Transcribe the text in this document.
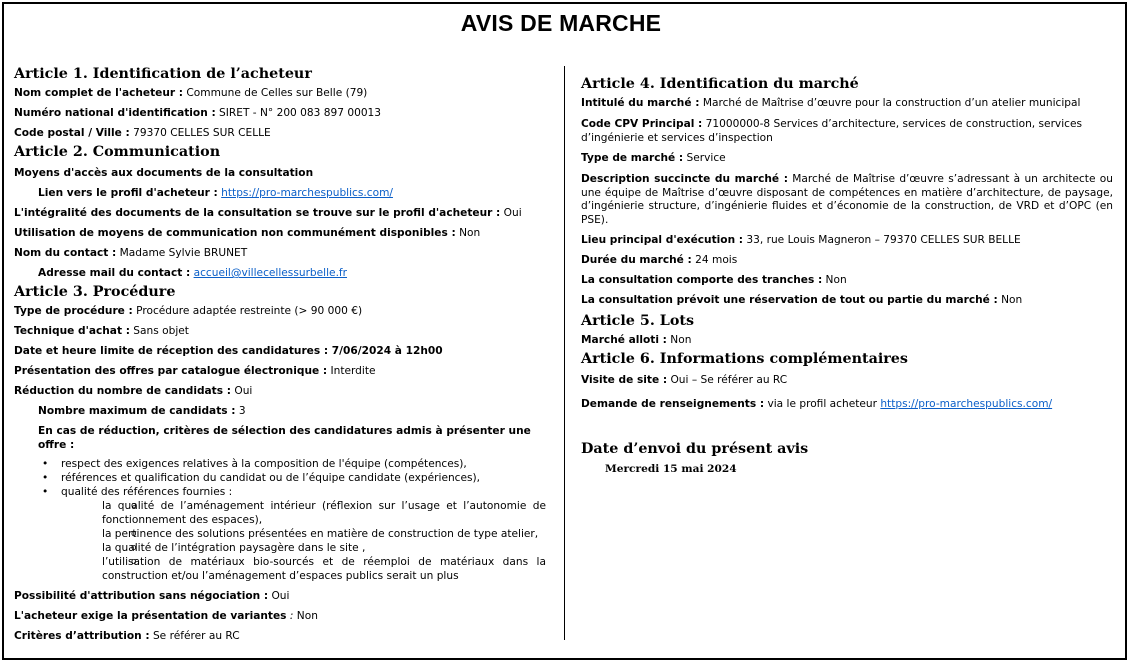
AVIS DE MARCHE
Article 1. Identification de l’acheteur
Nom complet de l'acheteur : Commune de Celles sur Belle (79)
Numéro national d'identification : SIRET - N° 200 083 897 00013
Code postal / Ville : 79370 CELLES SUR CELLE
Article 2. Communication
Moyens d'accès aux documents de la consultation
Lien vers le profil d'acheteur : https://pro-marchespublics.com/
L'intégralité des documents de la consultation se trouve sur le profil d'acheteur : Oui
Utilisation de moyens de communication non communément disponibles : Non
Nom du contact : Madame Sylvie BRUNET
Adresse mail du contact : accueil@villecellessurbelle.fr
Article 3. Procédure
Type de procédure : Procédure adaptée restreinte (> 90 000 €)
Technique d'achat : Sans objet
Date et heure limite de réception des candidatures : 7/06/2024 à 12h00
Présentation des offres par catalogue électronique : Interdite
Réduction du nombre de candidats : Oui
Nombre maximum de candidats : 3
En cas de réduction, critères de sélection des candidatures admis à présenter une offre :
• respect des exigences relatives à la composition de l'équipe (compétences),
• références et qualification du candidat ou de l’équipe candidate (expériences),
• qualité des références fournies :
o la qualité de l’aménagement intérieur (réflexion sur l’usage et l’autonomie de fonctionnement des espaces),
o la pertinence des solutions présentées en matière de construction de type atelier,
o la qualité de l’intégration paysagère dans le site ,
o l’utilisation de matériaux bio-sourcés et de réemploi de matériaux dans la construction et/ou l’aménagement d’espaces publics serait un plus
Possibilité d'attribution sans négociation : Oui
L'acheteur exige la présentation de variantes : Non
Critères d’attribution : Se référer au RC
Article 4. Identification du marché
Intitulé du marché : Marché de Maîtrise d’œuvre pour la construction d’un atelier municipal
Code CPV Principal : 71000000-8 Services d’architecture, services de construction, services d’ingénierie et services d’inspection
Type de marché : Service
Description succincte du marché : Marché de Maîtrise d’œuvre s’adressant à un architecte ou une équipe de Maîtrise d’œuvre disposant de compétences en matière d’architecture, de paysage, d’ingénierie structure, d’ingénierie fluides et d’économie de la construction, de VRD et d’OPC (en PSE).
Lieu principal d'exécution : 33, rue Louis Magneron – 79370 CELLES SUR BELLE
Durée du marché : 24 mois
La consultation comporte des tranches : Non
La consultation prévoit une réservation de tout ou partie du marché : Non
Article 5. Lots
Marché alloti : Non
Article 6. Informations complémentaires
Visite de site : Oui – Se référer au RC
Demande de renseignements : via le profil acheteur https://pro-marchespublics.com/
Date d’envoi du présent avis
Mercredi 15 mai 2024
